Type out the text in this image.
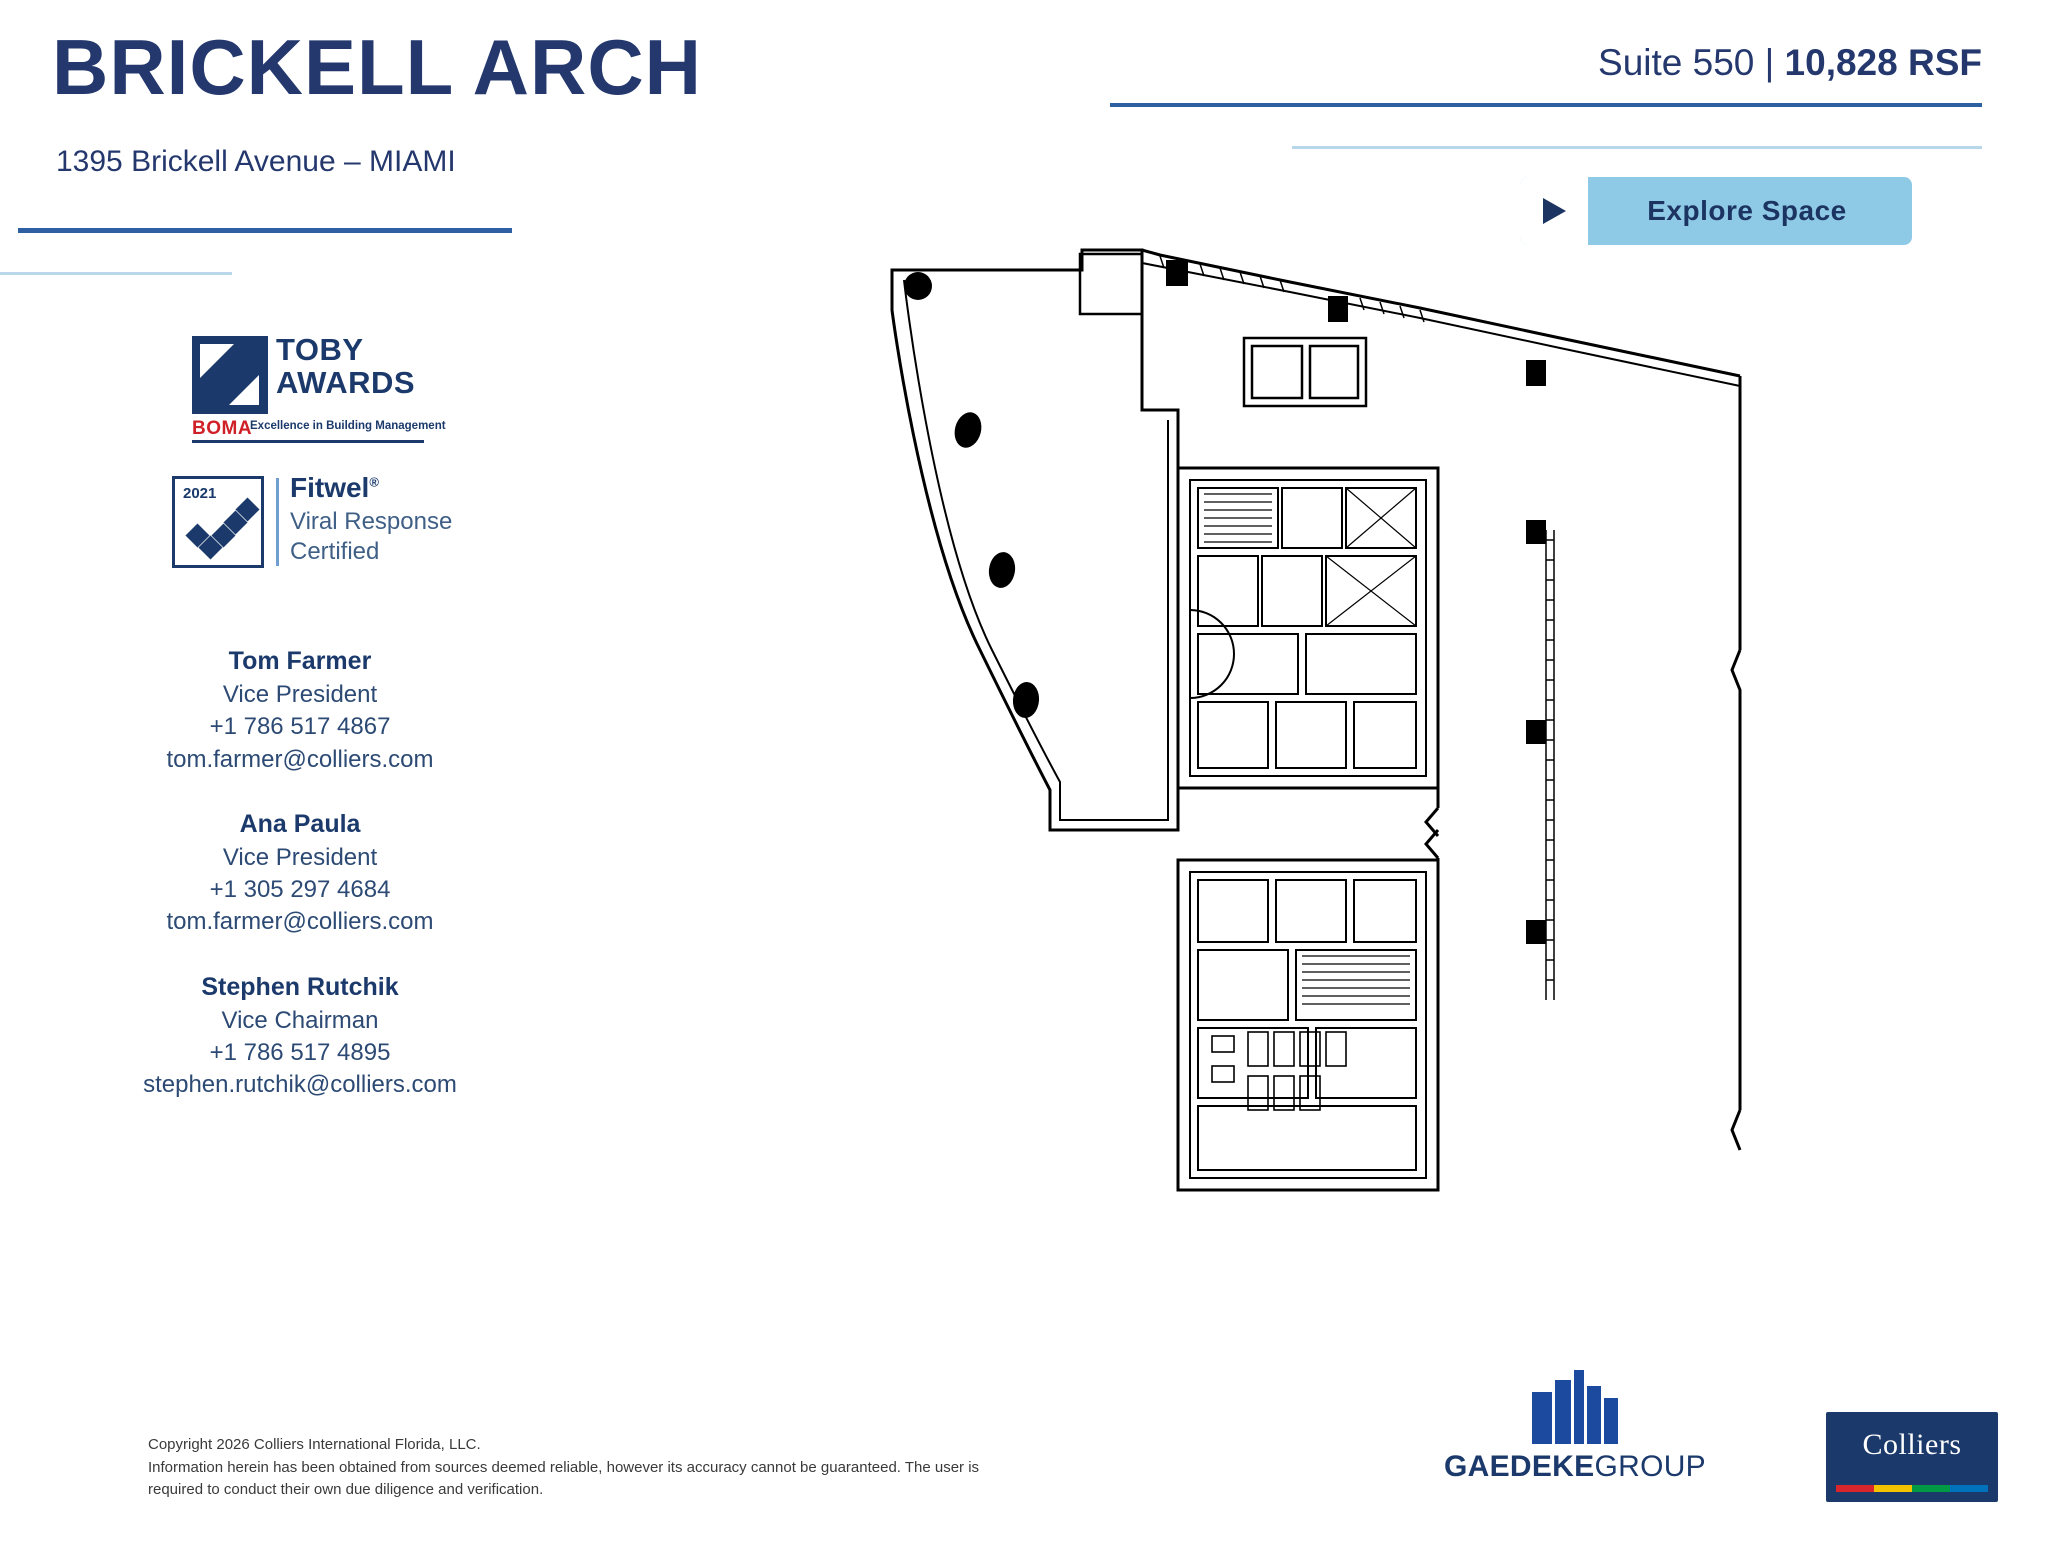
BRICKELL ARCH
1395 Brickell Avenue – MIAMI
Suite 550 | 10,828 RSF
Explore Space
TOBY
AWARDS
BOMA
Excellence in Building Management
2021	Fitwel®
Viral Response
Certified
Tom Farmer
Vice President
+1 786 517 4867
tom.farmer@colliers.com
Ana Paula
Vice President
+1 305 297 4684
tom.farmer@colliers.com
Stephen Rutchik
Vice Chairman
+1 786 517 4895
stephen.rutchik@colliers.com
Copyright 2026 Colliers International Florida, LLC.
Information herein has been obtained from sources deemed reliable, however its accuracy cannot be guaranteed. The user is
required to conduct their own due diligence and verification.
GAEDEKEGROUP
Colliers
